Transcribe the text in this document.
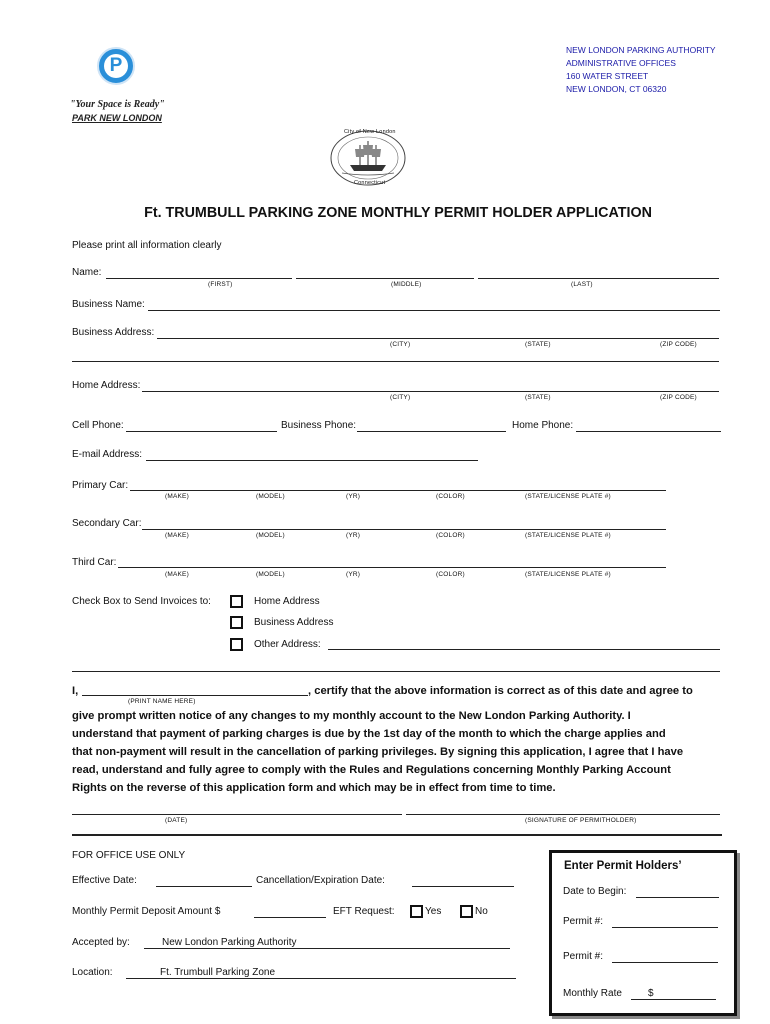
P
"Your Space is Ready"
PARK NEW LONDON
NEW LONDON PARKING AUTHORITY
ADMINISTRATIVE OFFICES
160 WATER STREET
NEW LONDON, CT 06320
City of New London
Connecticut
Ft. TRUMBULL PARKING ZONE MONTHLY PERMIT HOLDER APPLICATION
Please print all information clearly
Name:
(FIRST)	(MIDDLE)	(LAST)
Business Name:
Business Address:
(CITY)	(STATE)	(ZIP CODE)
Home Address:
(CITY)	(STATE)	(ZIP CODE)
Cell Phone:	Business Phone:	Home Phone:
E-mail Address:
Primary Car:
(MAKE)	(MODEL)	(YR)	(COLOR)	(STATE/LICENSE PLATE #)
Secondary Car:
(MAKE)	(MODEL)	(YR)	(COLOR)	(STATE/LICENSE PLATE #)
Third Car:
(MAKE)	(MODEL)	(YR)	(COLOR)	(STATE/LICENSE PLATE #)
Check Box to Send Invoices to:	Home Address
Business Address
Other Address:
I,	, certify that the above information is correct as of this date and agree to
(PRINT NAME HERE)
give prompt written notice of any changes to my monthly account to the New London Parking Authority. I
understand that payment of parking charges is due by the 1st day of the month to which the charge applies and
that non-payment will result in the cancellation of parking privileges. By signing this application, I agree that I have
read, understand and fully agree to comply with the Rules and Regulations concerning Monthly Parking Account
Rights on the reverse of this application form and which may be in effect from time to time.
(DATE)	(SIGNATURE OF PERMITHOLDER)
FOR OFFICE USE ONLY
Effective Date:	Cancellation/Expiration Date:
Monthly Permit Deposit Amount $	EFT Request:	Yes	No
Accepted by:	New London Parking Authority
Location:	Ft. Trumbull Parking Zone
Enter Permit Holders’
Date to Begin:
Permit #:
Permit #:
Monthly Rate	$
